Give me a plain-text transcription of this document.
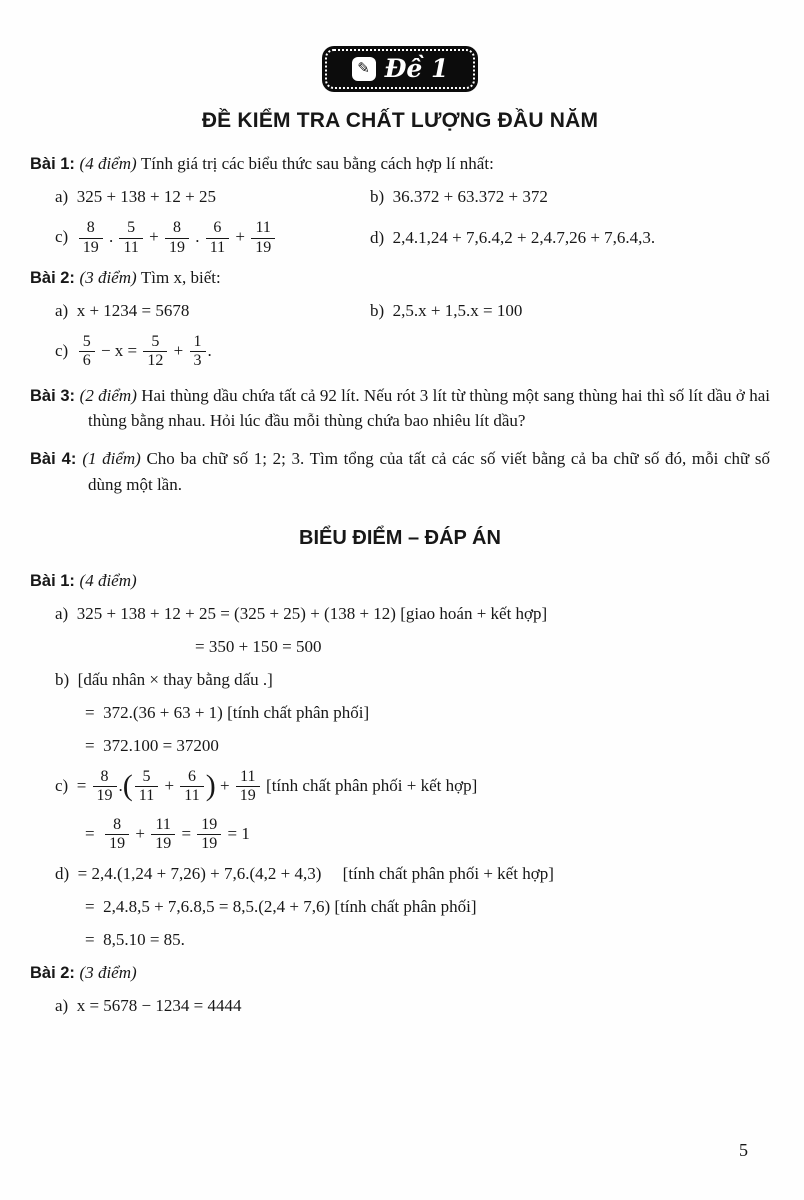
✎ Đề 1
ĐỀ KIỂM TRA CHẤT LƯỢNG ĐẦU NĂM
Bài 1: (4 điểm) Tính giá trị các biểu thức sau bằng cách hợp lí nhất:
a)  325 + 138 + 12 + 25	b)  36.372 + 63.372 + 372
$c) \frac{8}{19}$ . $\frac{5}{11} + \frac{8}{19}$ . $\frac{6}{11} + \frac{11}{19}$	d)  2,4.1,24 + 7,6.4,2 + 2,4.7,26 + 7,6.4,3.
Bài 2: (3 điểm) Tìm x, biết:
a)  x + 1234 = 5678	b)  2,5.x + 1,5.x = 100
$c) \frac{5}{6} - x = \frac{5}{12} + \frac{1}{3}$ .
Bài 3: (2 điểm) Hai thùng dầu chứa tất cả 92 lít. Nếu rót 3 lít từ thùng một sang thùng hai thì số lít dầu ở hai thùng bằng nhau. Hỏi lúc đầu mỗi thùng chứa bao nhiêu lít dầu?
Bài 4: (1 điểm) Cho ba chữ số 1; 2; 3. Tìm tổng của tất cả các số viết bằng cả ba chữ số đó, mỗi chữ số dùng một lần.
BIỂU ĐIỂM – ĐÁP ÁN
Bài 1: (4 điểm)
a)  325 + 138 + 12 + 25 = (325 + 25) + (138 + 12) [giao hoán + kết hợp]
= 350 + 150 = 500
b)  [dấu nhân × thay bằng dấu .]
=  372.(36 + 63 + 1) [tính chất phân phối]
=  372.100 = 37200
$c) = \frac{8}{19}$ .( $\frac{5}{11} + \frac{6}{11}$ ) + $\frac{11}{19}$ [tính chất phân phối + kết hợp]
= $\frac{8}{19} + \frac{11}{19} = \frac{19}{19} = 1$
d)  = 2,4.(1,24 + 7,26) + 7,6.(4,2 + 4,3)  [tính chất phân phối + kết hợp]
=  2,4.8,5 + 7,6.8,5 = 8,5.(2,4 + 7,6) [tính chất phân phối]
=  8,5.10 = 85.
Bài 2: (3 điểm)
a)  x = 5678 − 1234 = 4444
5
